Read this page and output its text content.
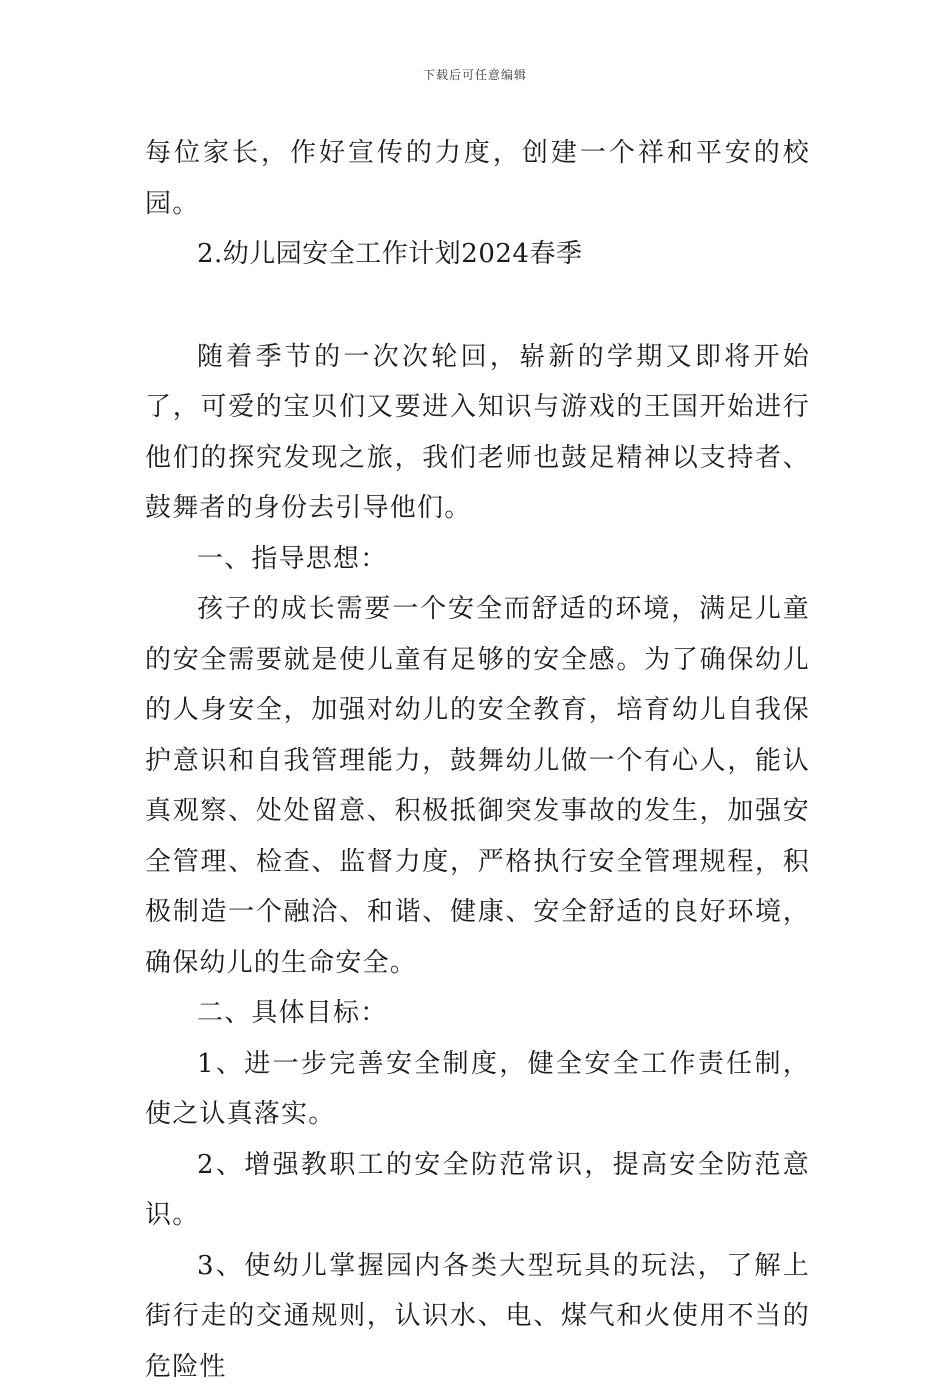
下载后可任意编辑

每位家长，作好宣传的力度，创建一个祥和平安的校园。

2.幼儿园安全工作计划2024春季

随着季节的一次次轮回，崭新的学期又即将开始了，可爱的宝贝们又要进入知识与游戏的王国开始进行他们的探究发现之旅，我们老师也鼓足精神以支持者、鼓舞者的身份去引导他们。

一、指导思想：

孩子的成长需要一个安全而舒适的环境，满足儿童的安全需要就是使儿童有足够的安全感。为了确保幼儿的人身安全，加强对幼儿的安全教育，培育幼儿自我保护意识和自我管理能力，鼓舞幼儿做一个有心人，能认真观察、处处留意、积极抵御突发事故的发生，加强安全管理、检查、监督力度，严格执行安全管理规程，积极制造一个融洽、和谐、健康、安全舒适的良好环境，确保幼儿的生命安全。

二、具体目标：

1、进一步完善安全制度，健全安全工作责任制，使之认真落实。

2、增强教职工的安全防范常识，提高安全防范意识。

3、使幼儿掌握园内各类大型玩具的玩法，了解上街行走的交通规则，认识水、电、煤气和火使用不当的危险性
